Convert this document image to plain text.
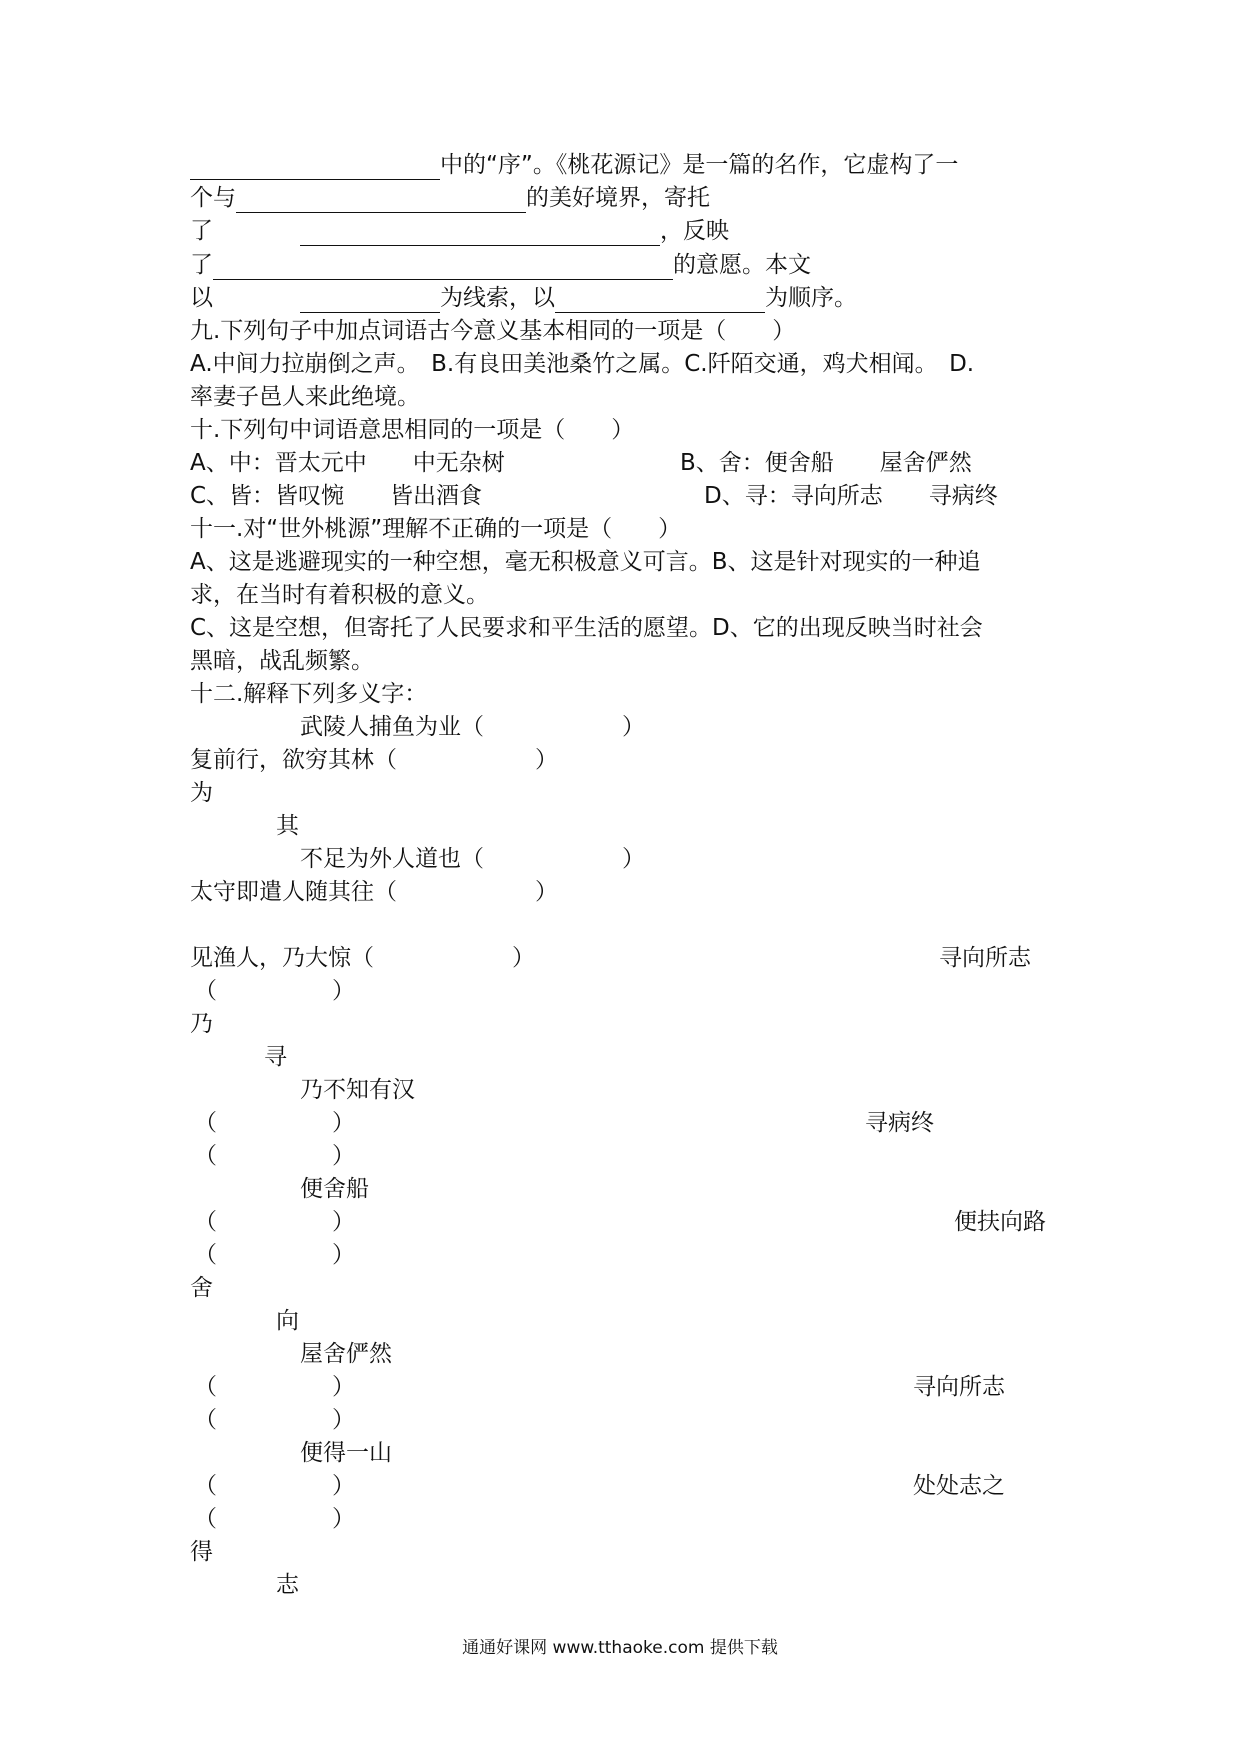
中的“序”。《桃花源记》是一篇的名作，它虚构了一
个与	的美好境界，寄托
了	，反映
了	的意愿。本文
以	为线索，以	为顺序。
九.下列句子中加点词语古今意义基本相同的一项是（　　）
A.中间力拉崩倒之声。　B.有良田美池桑竹之属。C.阡陌交通，鸡犬相闻。　D.
率妻子邑人来此绝境。
十.下列句中词语意思相同的一项是（　　）
A、中：晋太元中　　中无杂树	B、舍：便舍船　　屋舍俨然
C、皆：皆叹惋　　皆出酒食	D、寻：寻向所志　　寻病终
十一.对“世外桃源”理解不正确的一项是（　　）
A、这是逃避现实的一种空想，毫无积极意义可言。B、这是针对现实的一种追
求，在当时有着积极的意义。
C、这是空想，但寄托了人民要求和平生活的愿望。D、它的出现反映当时社会
黑暗，战乱频繁。
十二.解释下列多义字：
武陵人捕鱼为业（　　　　　　）
复前行，欲穷其林（　　　　　　）
为
其
不足为外人道也（　　　　　　）
太守即遣人随其往（　　　　　　）
见渔人，乃大惊（　　　　　　）	寻向所志
（　　　　　）
乃
寻
乃不知有汉
（　　　　　）	寻病终
（　　　　　）
便舍船
（　　　　　）	便扶向路
（　　　　　）
舍
向
屋舍俨然
（　　　　　）	寻向所志
（　　　　　）
便得一山
（　　　　　）	处处志之
（　　　　　）
得
志
通通好课网 www.tthaoke.com 提供下载
